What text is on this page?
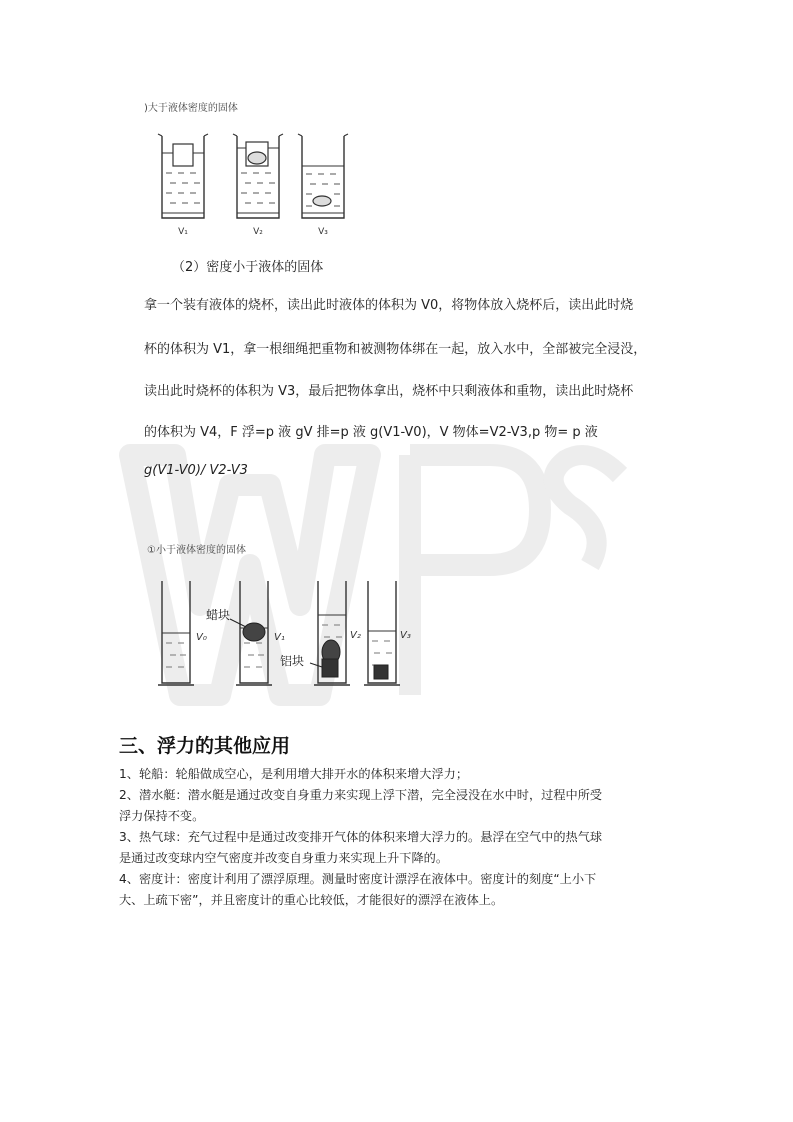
)大于液体密度的固体
V₁	V₂	V₃
（2）密度小于液体的固体
拿一个装有液体的烧杯，读出此时液体的体积为 V0，将物体放入烧杯后，读出此时烧
杯的体积为 V1，拿一根细绳把重物和被测物体绑在一起，放入水中，全部被完全浸没，
读出此时烧杯的体积为 V3，最后把物体拿出，烧杯中只剩液体和重物，读出此时烧杯
的体积为 V4，F 浮=p 液 gV 排=p 液 g(V1-V0)，V 物体=V2-V3,p 物= p 液
g(V1-V0)/ V2-V3
①小于液体密度的固体
蜡块
铝块
V₀	V₁	V₂	V₃
三、浮力的其他应用

1、轮船：轮船做成空心，是利用增大排开水的体积来增大浮力；

2、潜水艇：潜水艇是通过改变自身重力来实现上浮下潜，完全浸没在水中时，过程中所受

浮力保持不变。

3、热气球：充气过程中是通过改变排开气体的体积来增大浮力的。悬浮在空气中的热气球

是通过改变球内空气密度并改变自身重力来实现上升下降的。

4、密度计：密度计利用了漂浮原理。测量时密度计漂浮在液体中。密度计的刻度“上小下

大、上疏下密”，并且密度计的重心比较低，才能很好的漂浮在液体上。
